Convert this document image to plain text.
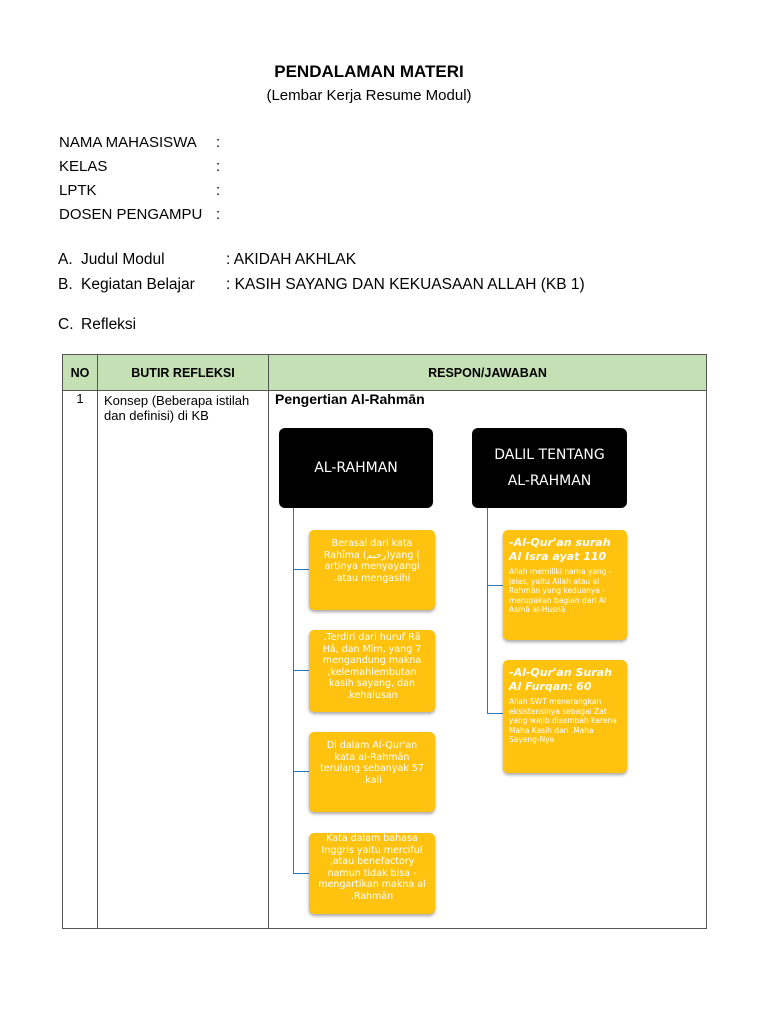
PENDALAMAN MATERI
(Lembar Kerja Resume Modul)
NAMA MAHASISWA :
KELAS	:
LPTK	:
DOSEN PENGAMPU :
A. Judul Modul	: AKIDAH AKHLAK
B. Kegiatan Belajar : KASIH SAYANG DAN KEKUASAAN ALLAH (KB 1)
C. Refleksi
NO	BUTIR REFLEKSI	RESPON/JAWABAN
1	Konsep (Beberapa istilah dan definisi) di KB	

Pengertian Al-Rahmān
AL-RAHMAN
DALIL TENTANG
AL-RAHMAN
Berasal dari kata Rahīma (رحيم)yang ( artinya menyayangi .atau mengasihi
.Terdiri dari huruf Rā Hā, dan Mīm, yang 7 mengandung makna ,kelemahlembutan kasih sayang, dan .kehalusan
Di dalam Al-Qur'an kata al-Rahmān terulang sebanyak 57 .kali
Kata dalam bahasa Inggris yaitu merciful ,atau benefactory namun tidak bisa -mengartikan makna al .Rahmān
-Al-Qur'an surah Al Isra ayat 110
Allah memiliki nama yang -jelas, yaitu Allah atau al Rahmān yang keduanya -merupakan bagian dari Al Asmā al-Husnā
-Al-Qur'an Surah Al Furqan: 60
Allah SWT menerangkan eksistensinya sebagai Zat yang wajib disembah karena Maha Kasih dan .Maha Sayang-Nya
